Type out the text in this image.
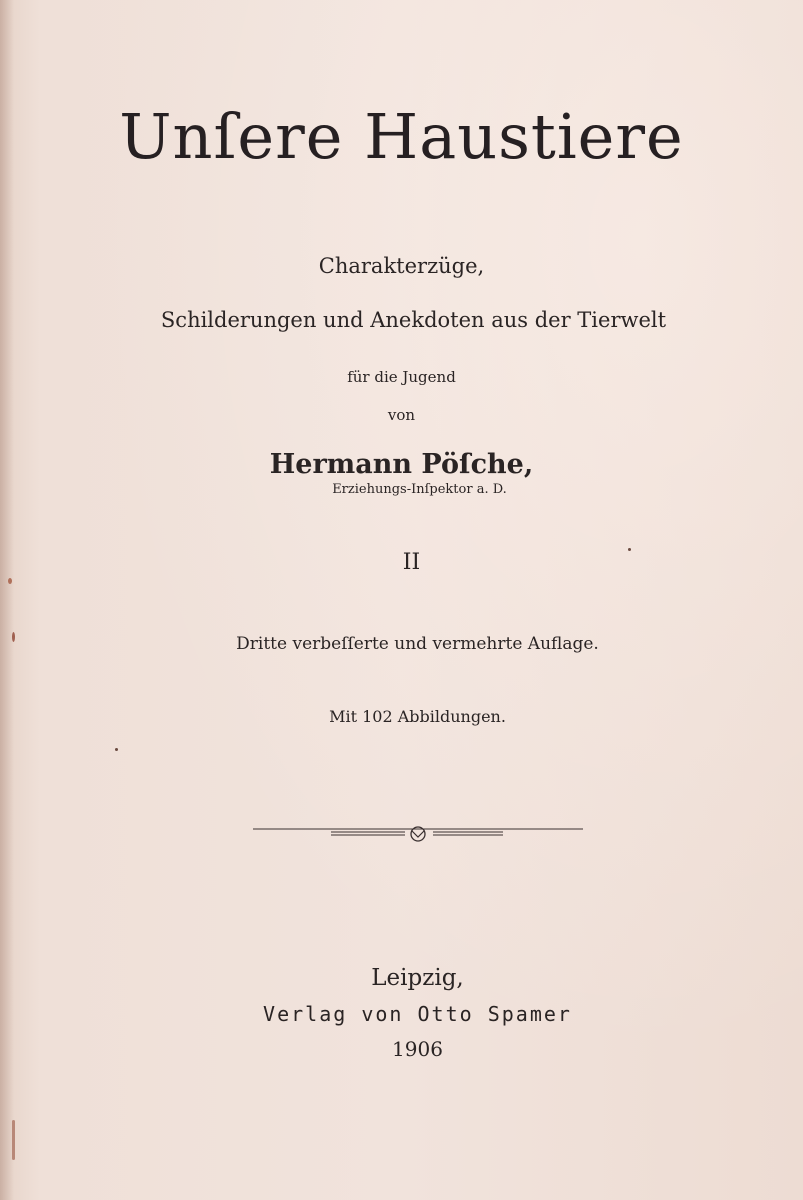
Unſere Haustiere
Charakterzüge,
Schilderungen und Anekdoten aus der Tierwelt
für die Jugend
von
Hermann Pöſche,
Erziehungs-Inſpektor a. D.
II
Dritte verbeſſerte und vermehrte Auflage.
Mit 102 Abbildungen.
Leipzig,
Verlag von Otto Spamer
1906
